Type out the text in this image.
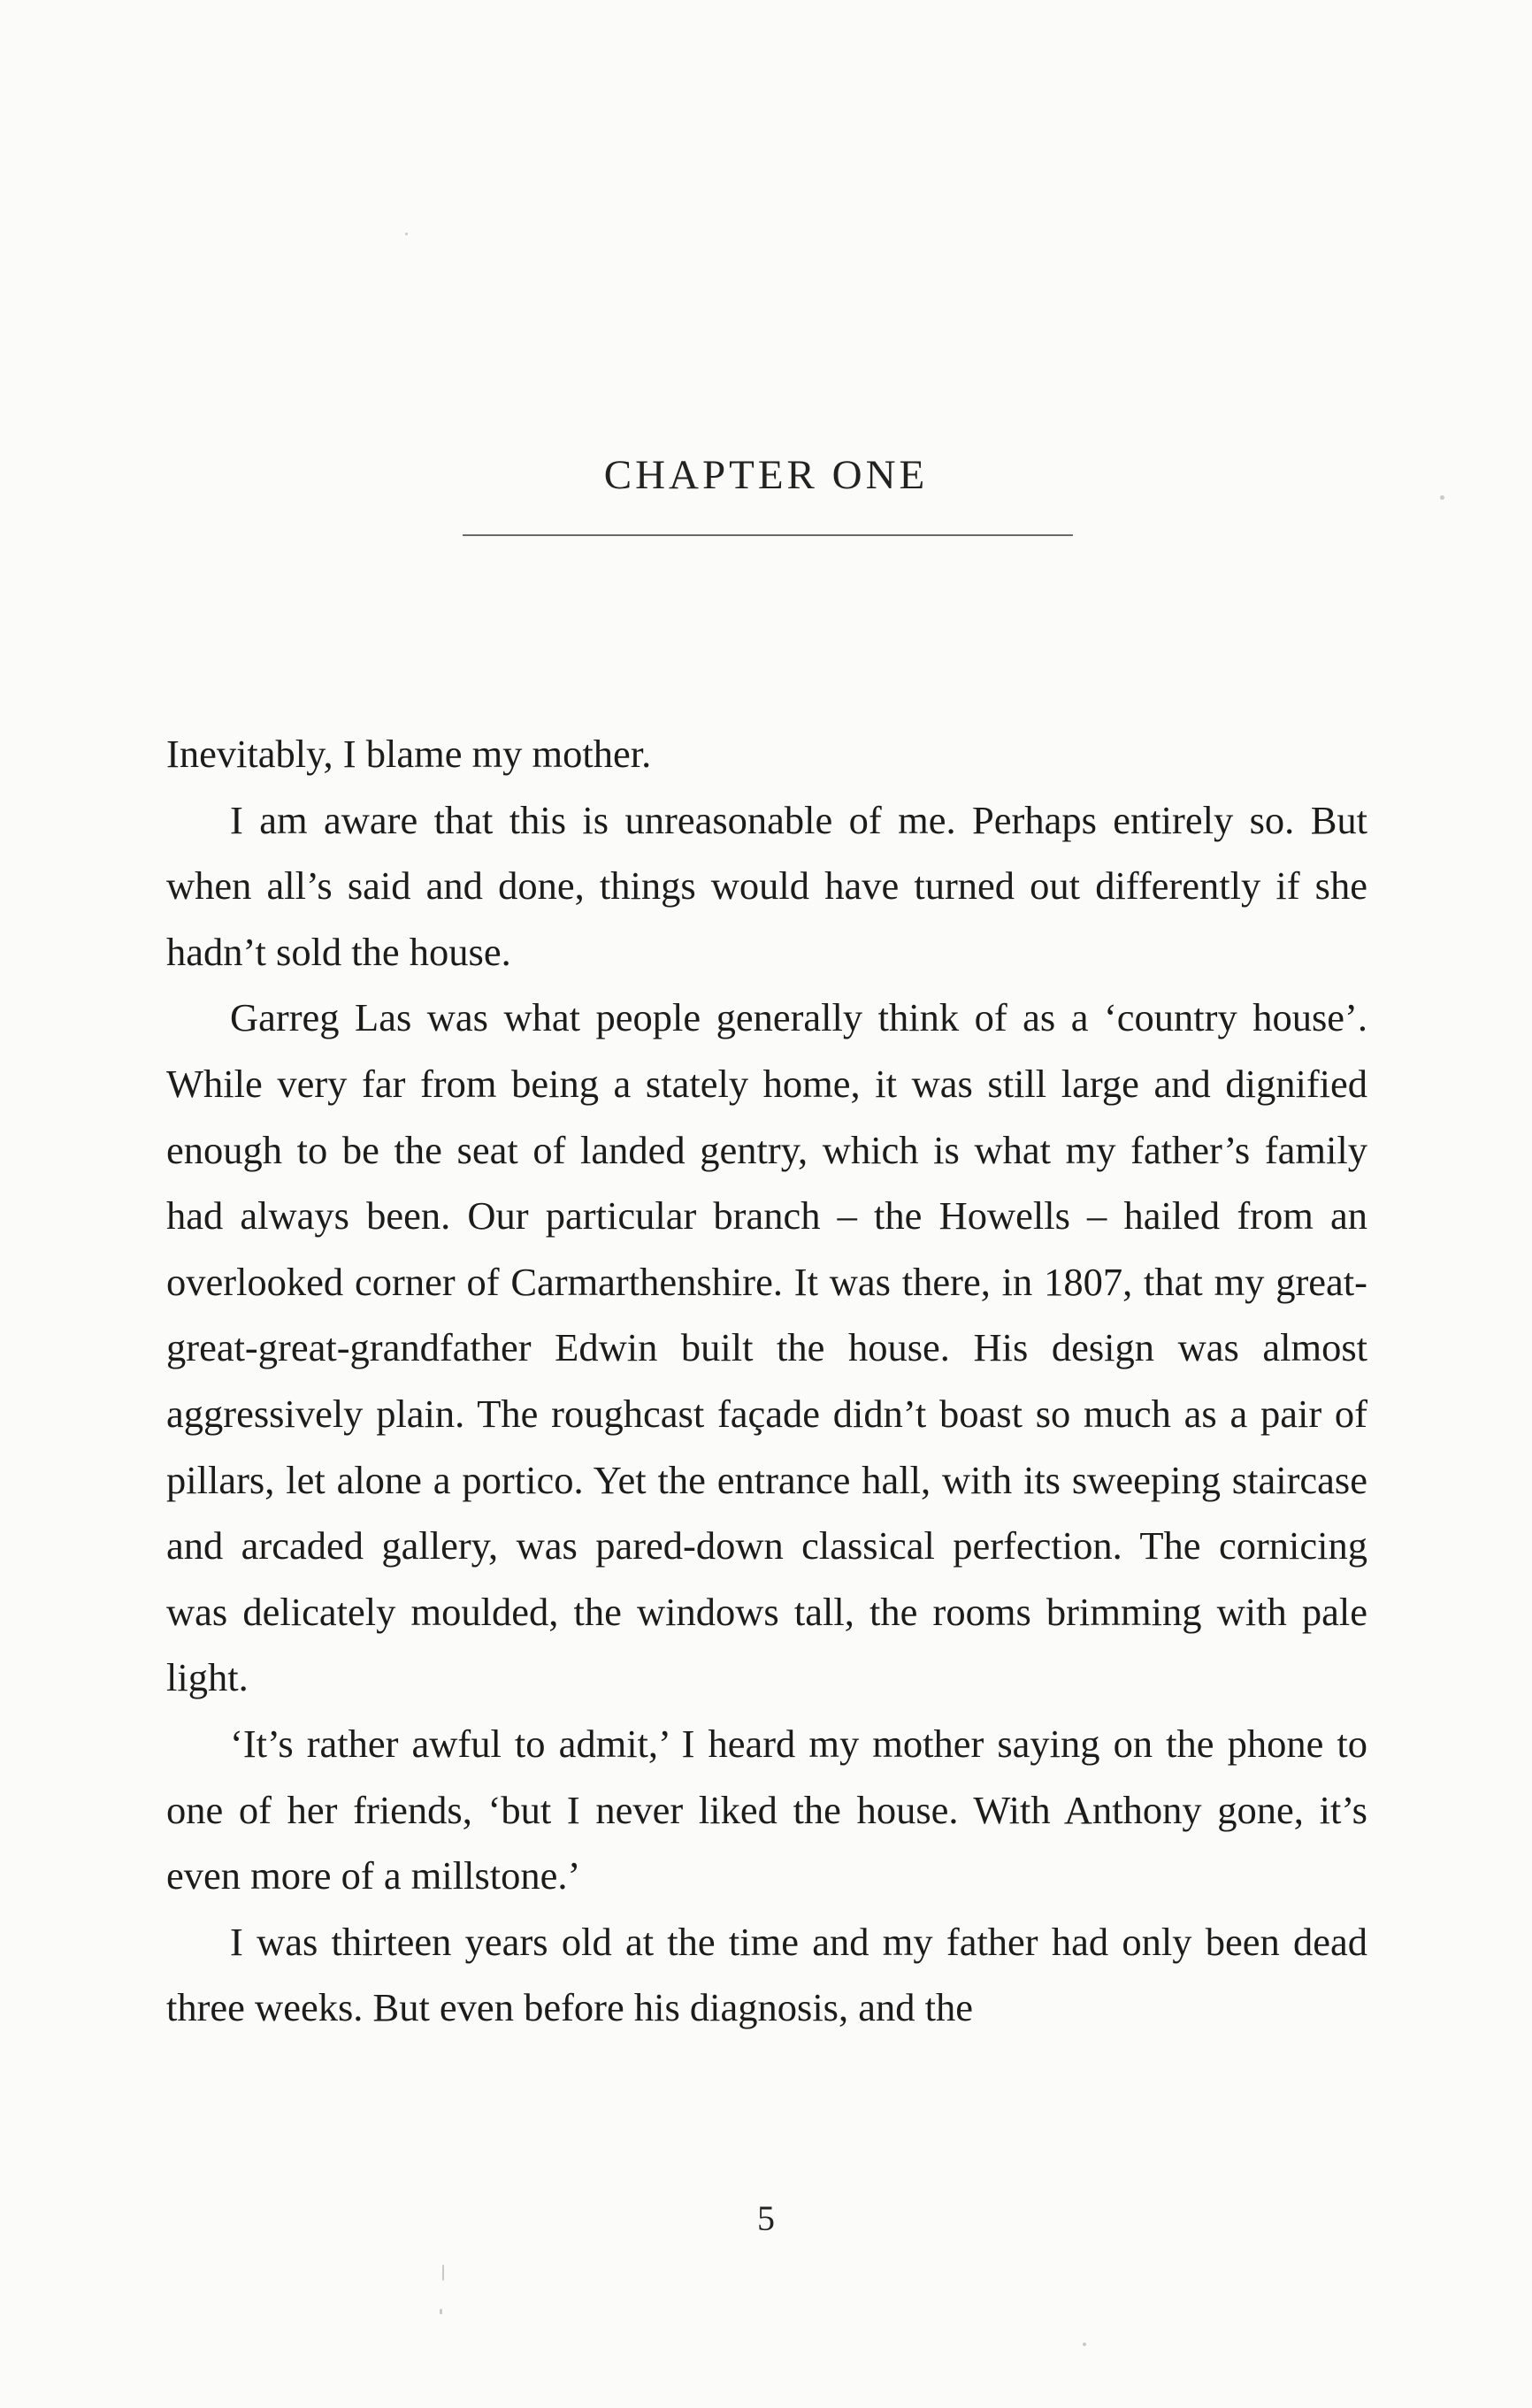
CHAPTER ONE

Inevitably, I blame my mother.

I am aware that this is unreasonable of me. Perhaps entirely so. But when all’s said and done, things would have turned out differently if she hadn’t sold the house.

Garreg Las was what people generally think of as a ‘country house’. While very far from being a stately home, it was still large and dignified enough to be the seat of landed gentry, which is what my father’s family had always been. Our particular branch – the Howells – hailed from an overlooked corner of Carmarthenshire. It was there, in 1807, that my great-great-great-grandfather Edwin built the house. His design was almost aggressively plain. The roughcast façade didn’t boast so much as a pair of pillars, let alone a portico. Yet the entrance hall, with its sweeping staircase and arcaded gallery, was pared-down classical perfection. The cornicing was delicately moulded, the windows tall, the rooms brimming with pale light.

‘It’s rather awful to admit,’ I heard my mother saying on the phone to one of her friends, ‘but I never liked the house. With Anthony gone, it’s even more of a millstone.’

I was thirteen years old at the time and my father had only been dead three weeks. But even before his diagnosis, and the

5
